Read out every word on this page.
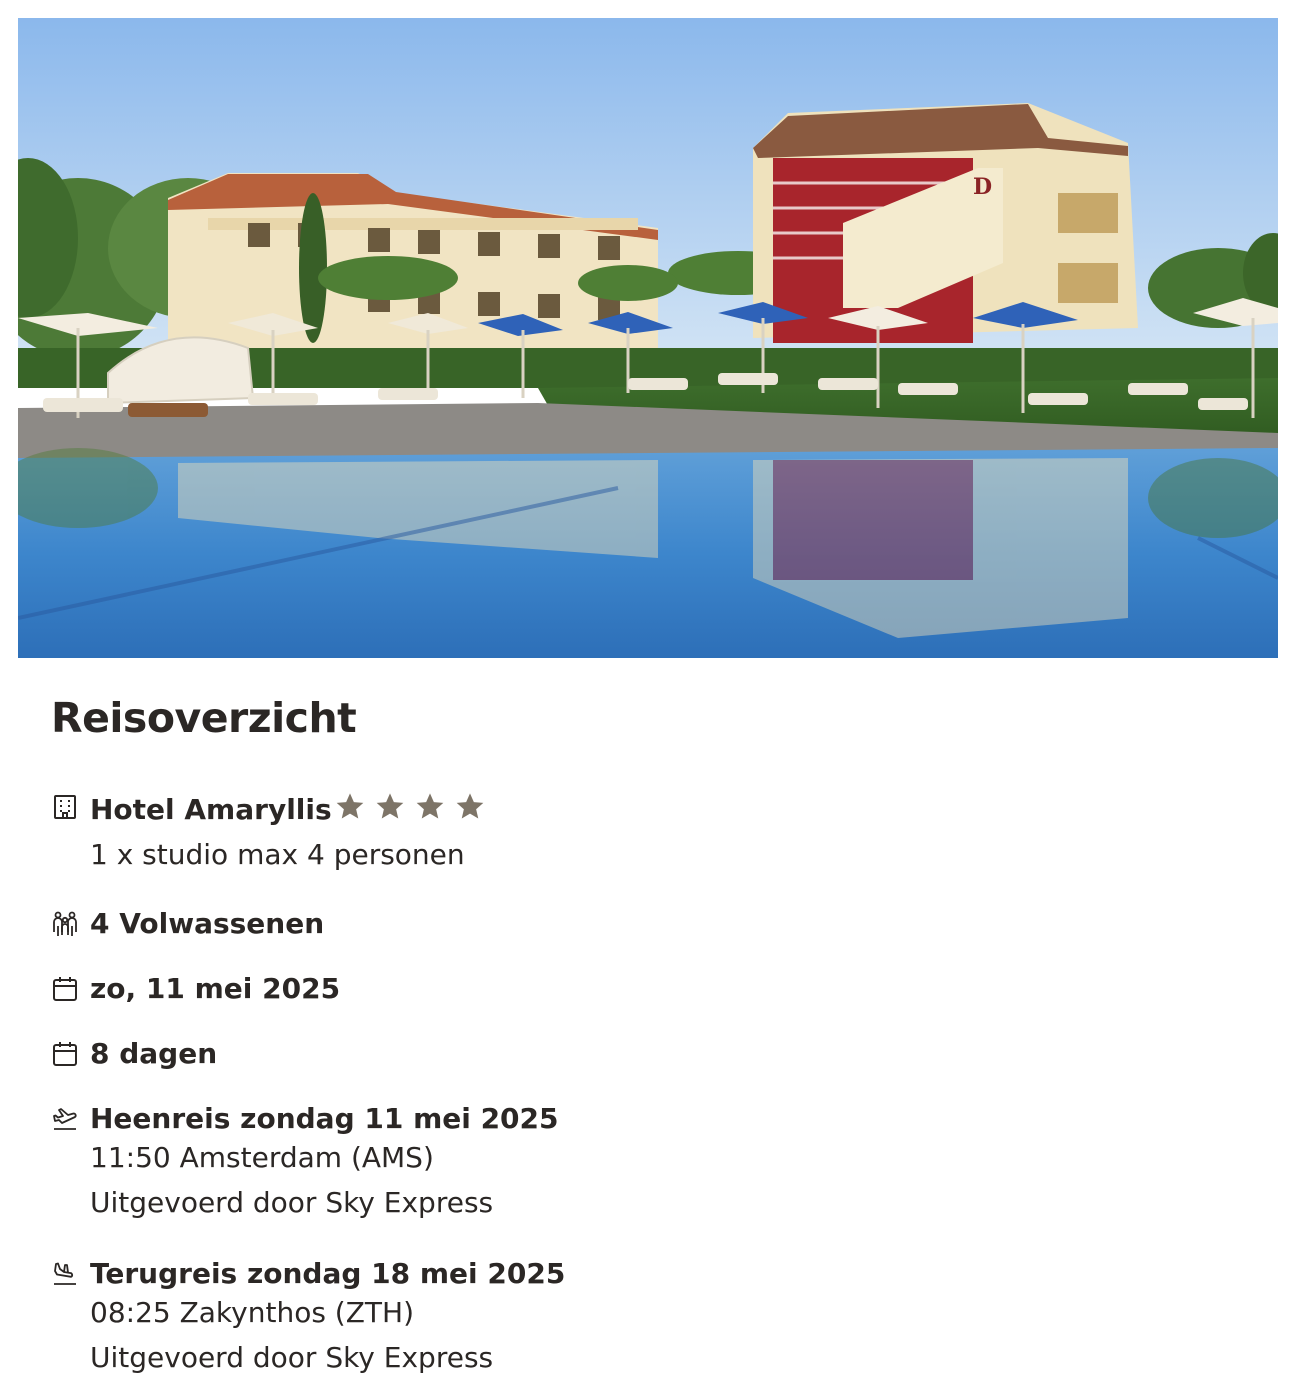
D
Reisoverzicht
Hotel Amaryllis
1 x studio max 4 personen
4 Volwassenen
zo, 11 mei 2025
8 dagen
Heenreis zondag 11 mei 2025
11:50 Amsterdam (AMS)
Uitgevoerd door Sky Express
Terugreis zondag 18 mei 2025
08:25 Zakynthos (ZTH)
Uitgevoerd door Sky Express
